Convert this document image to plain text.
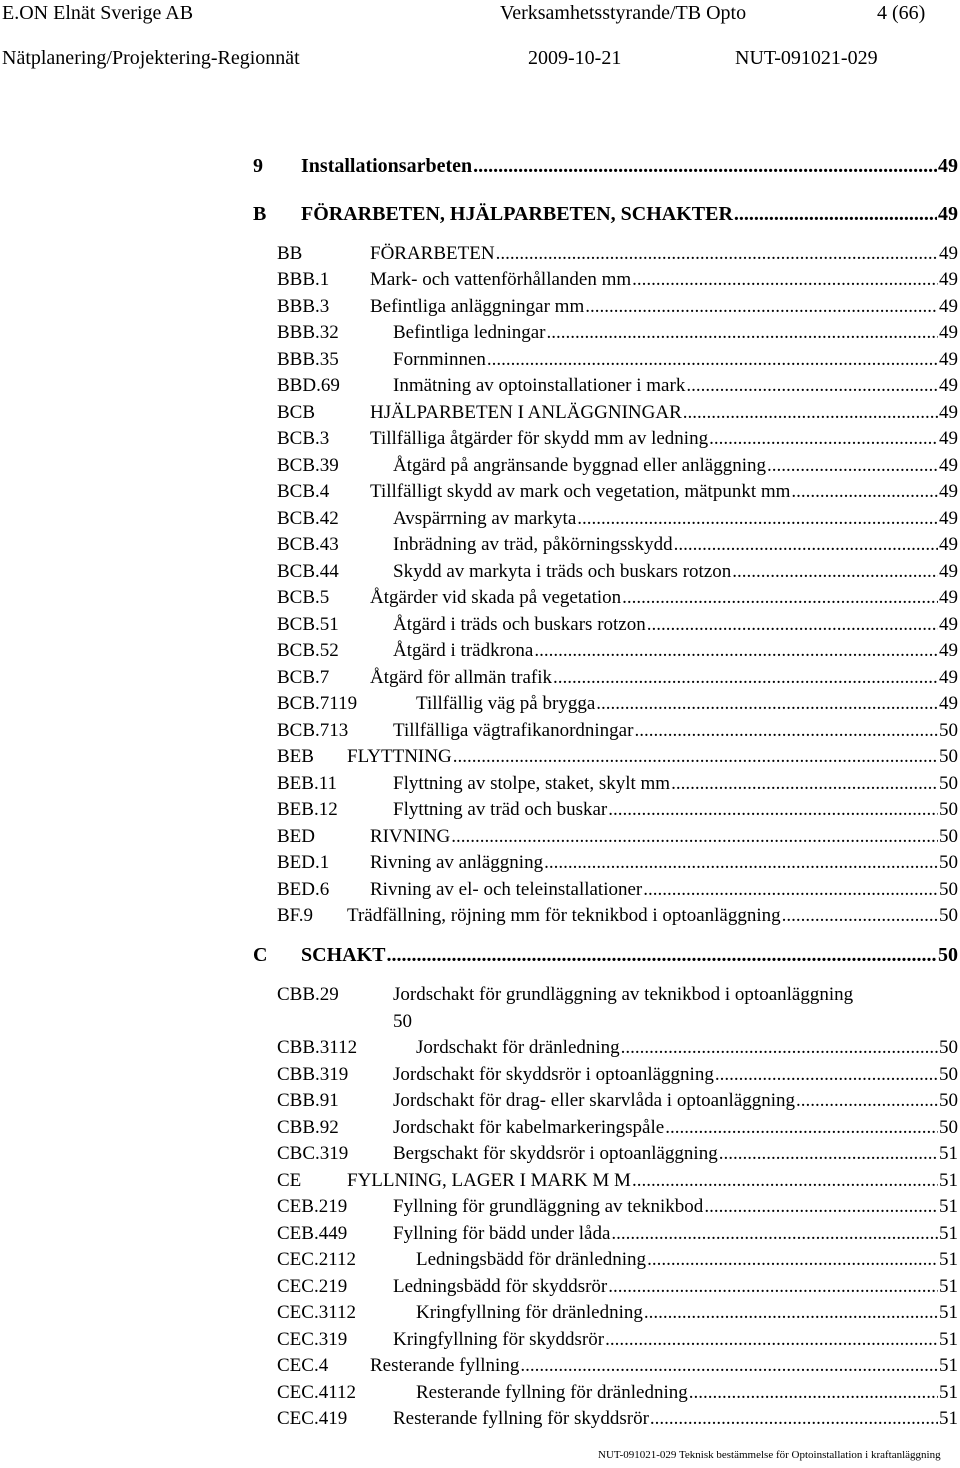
E.ON Elnät Sverige AB	Verksamhetsstyrande/TB Opto	4 (66)
Nätplanering/Projektering-Regionnät	2009-10-21	NUT-091021-029
9	Installationsarbeten .....	49
B	FÖRARBETEN, HJÄLPARBETEN, SCHAKTER .....	49
BB	FÖRARBETEN .....	49
BBB.1	Mark- och vattenförhållanden mm .....	49
BBB.3	Befintliga anläggningar mm .....	49
BBB.32	Befintliga ledningar .....	49
BBB.35	Fornminnen .....	49
BBD.69	Inmätning av optoinstallationer i mark .....	49
BCB	HJÄLPARBETEN I ANLÄGGNINGAR .....	49
BCB.3	Tillfälliga åtgärder för skydd mm av ledning .....	49
BCB.39	Åtgärd på angränsande byggnad eller anläggning .....	49
BCB.4	Tillfälligt skydd av mark och vegetation, mätpunkt mm .....	49
BCB.42	Avspärrning av markyta .....	49
BCB.43	Inbrädning av träd, påkörningsskydd .....	49
BCB.44	Skydd av markyta i träds och buskars rotzon .....	49
BCB.5	Åtgärder vid skada på vegetation .....	49
BCB.51	Åtgärd i träds och buskars rotzon .....	49
BCB.52	Åtgärd i trädkrona .....	49
BCB.7	Åtgärd för allmän trafik .....	49
BCB.7119	Tillfällig väg på brygga .....	49
BCB.713	Tillfälliga vägtrafikanordningar .....	50
BEB	FLYTTNING .....	50
BEB.11	Flyttning av stolpe, staket, skylt mm .....	50
BEB.12	Flyttning av träd och buskar .....	50
BED	RIVNING .....	50
BED.1	Rivning av anläggning .....	50
BED.6	Rivning av el- och teleinstallationer .....	50
BF.9	Trädfällning, röjning mm för teknikbod i optoanläggning .....	50
C	SCHAKT .....	50
CBB.29	Jordschakt för grundläggning av teknikbod i optoanläggning
50
CBB.3112	Jordschakt för dränledning .....	50
CBB.319	Jordschakt för skyddsrör i optoanläggning .....	50
CBB.91	Jordschakt för drag- eller skarvlåda i optoanläggning .....	50
CBB.92	Jordschakt för kabelmarkeringspåle .....	50
CBC.319	Bergschakt för skyddsrör i optoanläggning .....	51
CE	FYLLNING, LAGER I MARK M M .....	51
CEB.219	Fyllning för grundläggning av teknikbod .....	51
CEB.449	Fyllning för bädd under låda .....	51
CEC.2112	Ledningsbädd för dränledning .....	51
CEC.219	Ledningsbädd för skyddsrör .....	51
CEC.3112	Kringfyllning för dränledning .....	51
CEC.319	Kringfyllning för skyddsrör .....	51
CEC.4	Resterande fyllning .....	51
CEC.4112	Resterande fyllning för dränledning .....	51
CEC.419	Resterande fyllning för skyddsrör .....	51
NUT-091021-029 Teknisk bestämmelse för Optoinstallation i kraftanläggning
